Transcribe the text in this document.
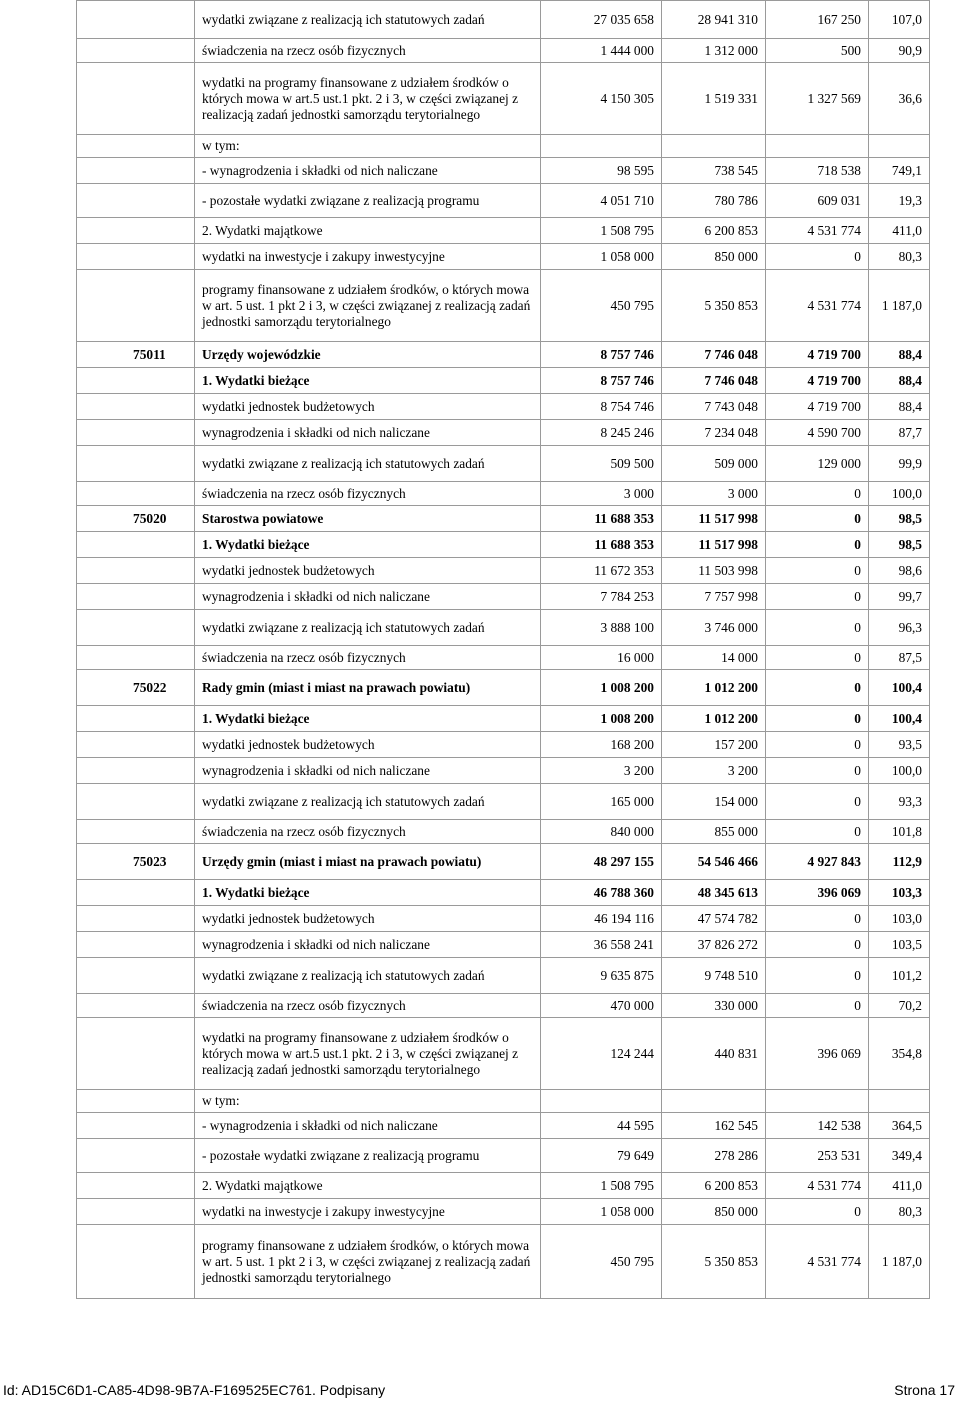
	wydatki związane z realizacją ich statutowych zadań	27 035 658	28 941 310	167 250	107,0
	świadczenia na rzecz osób fizycznych	1 444 000	1 312 000	500	90,9
	wydatki na programy finansowane z udziałem środków o których mowa w art.5 ust.1 pkt. 2 i 3, w części związanej z realizacją zadań jednostki samorządu terytorialnego	4 150 305	1 519 331	1 327 569	36,6
	w tym:				
	- wynagrodzenia i składki od nich naliczane	98 595	738 545	718 538	749,1
	- pozostałe wydatki związane z realizacją programu	4 051 710	780 786	609 031	19,3
	2. Wydatki majątkowe	1 508 795	6 200 853	4 531 774	411,0
	wydatki na inwestycje i zakupy inwestycyjne	1 058 000	850 000	0	80,3
	programy finansowane z udziałem środków, o których mowa w art. 5 ust. 1 pkt 2 i 3, w części związanej z realizacją zadań jednostki samorządu terytorialnego	450 795	5 350 853	4 531 774	1 187,0
75011	Urzędy wojewódzkie	8 757 746	7 746 048	4 719 700	88,4
	1. Wydatki bieżące	8 757 746	7 746 048	4 719 700	88,4
	wydatki jednostek budżetowych	8 754 746	7 743 048	4 719 700	88,4
	wynagrodzenia i składki od nich naliczane	8 245 246	7 234 048	4 590 700	87,7
	wydatki związane z realizacją ich statutowych zadań	509 500	509 000	129 000	99,9
	świadczenia na rzecz osób fizycznych	3 000	3 000	0	100,0
75020	Starostwa powiatowe	11 688 353	11 517 998	0	98,5
	1. Wydatki bieżące	11 688 353	11 517 998	0	98,5
	wydatki jednostek budżetowych	11 672 353	11 503 998	0	98,6
	wynagrodzenia i składki od nich naliczane	7 784 253	7 757 998	0	99,7
	wydatki związane z realizacją ich statutowych zadań	3 888 100	3 746 000	0	96,3
	świadczenia na rzecz osób fizycznych	16 000	14 000	0	87,5
75022	Rady gmin (miast i miast na prawach powiatu)	1 008 200	1 012 200	0	100,4
	1. Wydatki bieżące	1 008 200	1 012 200	0	100,4
	wydatki jednostek budżetowych	168 200	157 200	0	93,5
	wynagrodzenia i składki od nich naliczane	3 200	3 200	0	100,0
	wydatki związane z realizacją ich statutowych zadań	165 000	154 000	0	93,3
	świadczenia na rzecz osób fizycznych	840 000	855 000	0	101,8
75023	Urzędy gmin (miast i miast na prawach powiatu)	48 297 155	54 546 466	4 927 843	112,9
	1. Wydatki bieżące	46 788 360	48 345 613	396 069	103,3
	wydatki jednostek budżetowych	46 194 116	47 574 782	0	103,0
	wynagrodzenia i składki od nich naliczane	36 558 241	37 826 272	0	103,5
	wydatki związane z realizacją ich statutowych zadań	9 635 875	9 748 510	0	101,2
	świadczenia na rzecz osób fizycznych	470 000	330 000	0	70,2
	wydatki na programy finansowane z udziałem środków o których mowa w art.5 ust.1 pkt. 2 i 3, w części związanej z realizacją zadań jednostki samorządu terytorialnego	124 244	440 831	396 069	354,8
	w tym:				
	- wynagrodzenia i składki od nich naliczane	44 595	162 545	142 538	364,5
	- pozostałe wydatki związane z realizacją programu	79 649	278 286	253 531	349,4
	2. Wydatki majątkowe	1 508 795	6 200 853	4 531 774	411,0
	wydatki na inwestycje i zakupy inwestycyjne	1 058 000	850 000	0	80,3
	programy finansowane z udziałem środków, o których mowa w art. 5 ust. 1 pkt 2 i 3, w części związanej z realizacją zadań jednostki samorządu terytorialnego	450 795	5 350 853	4 531 774	1 187,0
Id: AD15C6D1-CA85-4D98-9B7A-F169525EC761. Podpisany	Strona 17
